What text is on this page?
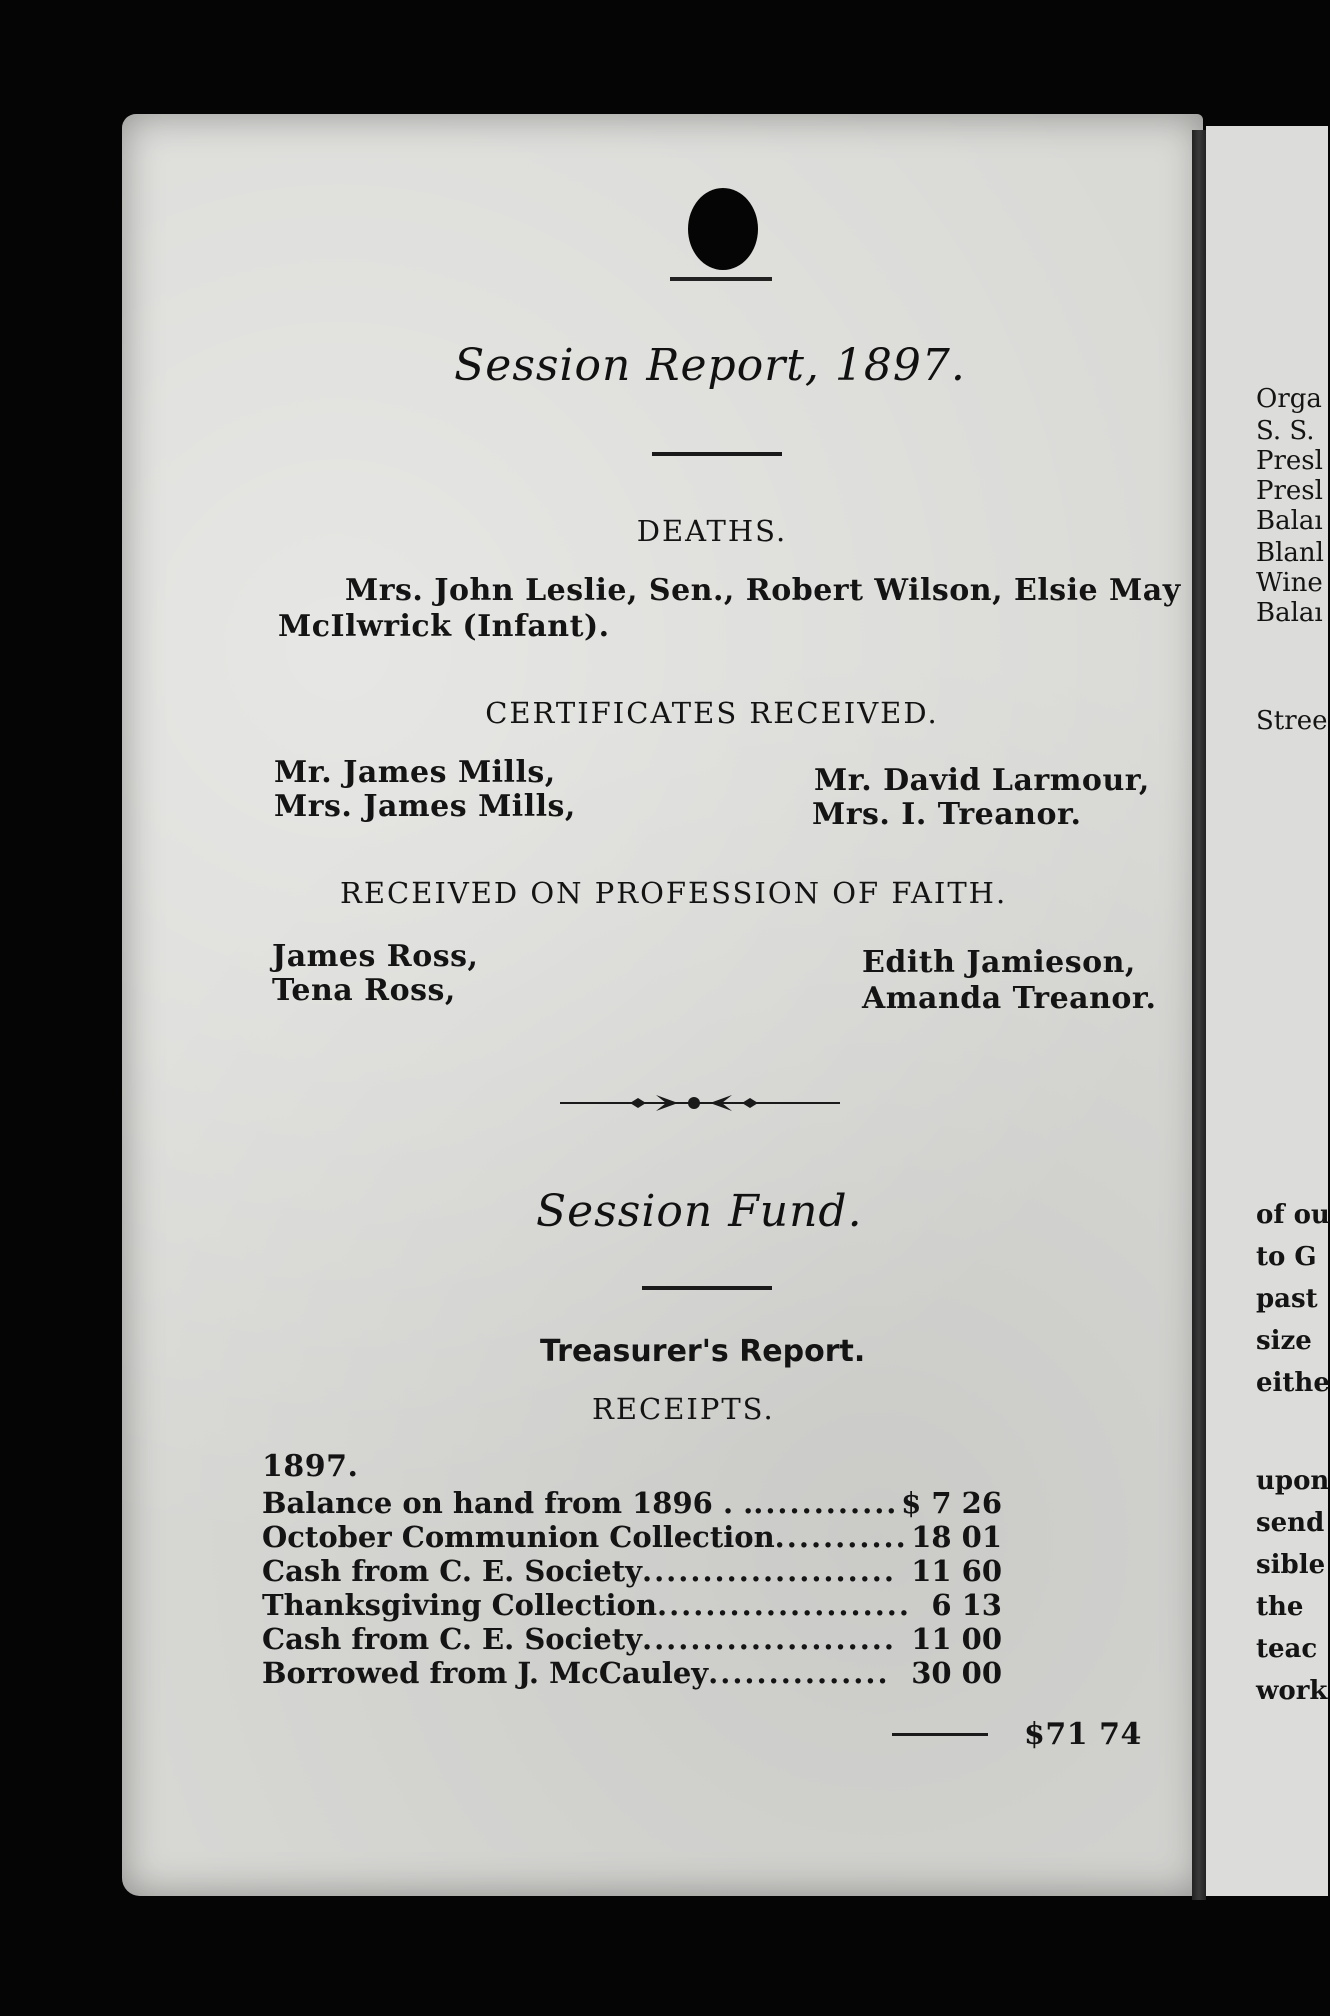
Session Report, 1897.
DEATHS.
Mrs. John Leslie, Sen., Robert Wilson, Elsie May
McIlwrick (Infant).
CERTIFICATES RECEIVED.
Mr. James Mills,
Mrs. James Mills,
Mr. David Larmour,
Mrs. I. Treanor.
RECEIVED ON PROFESSION OF FAITH.
James Ross,
Tena Ross,
Edith Jamieson,
Amanda Treanor.
Session Fund.
Treasurer's Report.
RECEIPTS.
1897.
Balance on hand from 1896 . . ............ $ 7 26
October Communion Collection ........... 18 01
Cash from C. E. Society ..................... 11 60
Thanksgiving Collection ..................... 6 13
Cash from C. E. Society ..................... 11 00
Borrowed from J. McCauley ............... 30 00
$71 74
Orga
S. S.
Presl
Presl
Balaı
Blanl
Wine
Balaı
Stree
of ou
to G
past
size
eithe
upon
send
sible
the
teac
work
